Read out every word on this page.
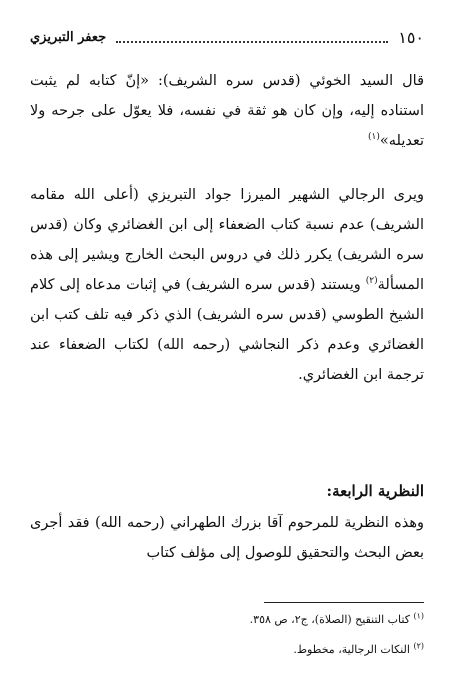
١٥٠
جعفر التبريزي

قال السيد الخوئي (قدس سره الشريف): «إنّ كتابه لم يثبت استناده إليه، وإن كان هو ثقة في نفسه، فلا يعوّل على جرحه ولا تعديله»$^{(١)}$

ويرى الرجالي الشهير الميرزا جواد التبريزي (أعلى الله مقامه الشريف) عدم نسبة كتاب الضعفاء إلى ابن الغضائري وكان (قدس سره الشريف) يكرر ذلك في دروس البحث الخارج ويشير إلى هذه المسألة$^{(٢)}$ ويستند (قدس سره الشريف) في إثبات مدعاه إلى كلام الشيخ الطوسي (قدس سره الشريف) الذي ذكر فيه تلف كتب ابن الغضائري وعدم ذكر النجاشي (رحمه الله) لكتاب الضعفاء عند ترجمة ابن الغضائري.

النظرية الرابعة:

وهذه النظرية للمرحوم آقا بزرك الطهراني (رحمه الله) فقد أجرى بعض البحث والتحقيق للوصول إلى مؤلف كتاب

$^{(١)}$ كتاب التنقيح (الصلاة)، ج٢، ص ٣٥٨.

$^{(٢)}$ النكات الرجالية، مخطوط.
